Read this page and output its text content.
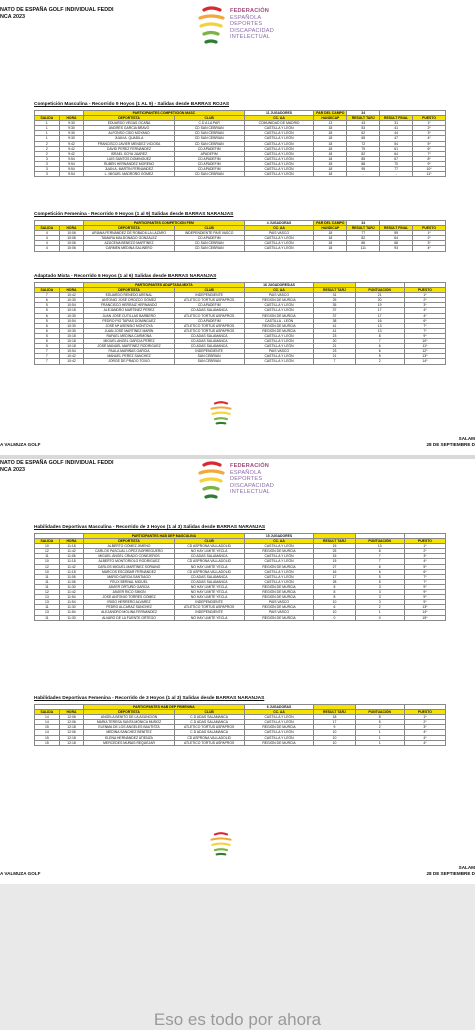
NATO DE ESPAÑA GOLF INDIVIDUAL FEDDI
NCA 2023
FEDERACIÓN
ESPAÑOLA
DEPORTES
DISCAPACIDAD
INTELECTUAL
Competición Masculina - Recorrido 9 Hoyos (1 AL 9) - Salidas desde BARRAS ROJAS
		PARTICIPANTES COMPETICIÓN MASC		11 JUGADORES	PAR DEL CAMPO	34		
SALIDA	HORA	DEPORTISTA	CLUB	CC. AA	HANDICAP	RESULT TARJ	RESULT FINAL	PUESTO
1	9:30	EDUARDO VEGAS OCAÑA	C.D A LA PAR	COMUNIDAD DE MADRID	13	43	31	1º
1	9:30	ANDRÉS GARCIA BRAVO	CD SAN CEBRIAN	CASTILLA Y LEÓN	18	53	41	2º
1	9:30	ALFONSO CIDO MOYANO	CD SAN CEBRIAN	CASTILLA Y LEÓN	18	62	44	3º
1	9:30	JUAN A. QUADILA	CD SAN CEBRIAN	CASTILLA Y LEÓN	18	65	47	4º
2	9:42	FRANCISCO JAVIER MENDEZ VICIOSA	CD SAN CEBRIAN	CASTILLA Y LEÓN	18	72	54	5º
2	9:42	DAVID PEREZ FERNANDEZ	CD APADEFIM	CASTILLA Y LEÓN	18	79	61	6º
2	9:42	ISRAEL GOYA JUAREZ	APADEFIM	CASTILLA Y LEÓN	18	82	64	7º
3	9:54	LUIS SANTOS DOMINGUEZ	CD APADEFIM	CASTILLA Y LEÓN	18	85	67	8º
3	9:54	RUBÉN HERNÁNDEZ MORENO	CD APADEFIM	CASTILLA Y LEÓN	18	88	70	9º
3	9:54	JUAN A. MARTÍN FERNANDEZ	CD APADEFIM	CASTILLA Y LEÓN	18	95	77	10º
3	9:54	L. MIGUEL MADROÑO GÓMEZ	CD SAN CEBRIAN	CASTILLA Y LEÓN	18	-	-	11º
Competición Femenina - Recorrido 9 Hoyos (1 al 9) Salidas desde BARRAS NARANJAS
		PARTICIPANTES COMPETICIÓN FEM		4 JUGADORAS	PAR DEL CAMPO	34		
SALIDA	HORA	DEPORTISTA	CLUB	CC. AA	HANDICAP	RESULT TARJ	RESULT FINAL	PUESTO
4	10:06	ARIANA FERNÁNDEZ DE ROBADILLA LAZARO	INDEPENDIENTE PAIS VASCO	PAIS VASCO	18	77	59	1º
4	10:06	TAMARA MALDONADO GONZÁLEZ	CD APADEFIM	CASTILLA Y LEÓN	18	82	64	2º
4	10:06	AZUCENA BENEZO MARTINEZ	CD SAN CEBRIAN	CASTILLA Y LEÓN	18	86	68	3º
4	10:06	CARMEN MEDINA SALINERO	CD SAN CEBRIAN	CASTILLA Y LEÓN	18	111	93	4º
Adaptado Mixta - Recorrido 6 Hoyos (1 al 6) Salidas desde BARRAS NARANJAS
		PARTICIPANTES ADAPTADA MIXTA		16 JUGADORES/AS			
SALIDA	HORA	DEPORTISTA	CLUB	CC. AA	RESULT TARJ	PUNTUACIÓN	PUESTO
7	10:42	EDUARDO RENEDO ARENAL	INDEPENDIENTE	PAIS VASCO	31	21	1º
6	10:30	ANTONIO JOSÉ OROZCO GÓMEZ	ATLETICO TORTUS ASPAPROS	REGIÓN DE MURCIA	25	20	2º
5	10:54	FRANCISCO HERRAIZ HERNANDO	CD APADEFIM	CASTILLA Y LEÓN	35	19	3º
5	10:18	ALEJANDRO MARTÍNEZ PÉREZ	CD ADAS SALAMANCA	CASTILLA Y LEÓN	37	17	4º
6	10:30	JUAN JOSÉ CUTILLAS BARBERO	ATLETICO TORTUS ASPAPROS	REGIÓN DE MURCIA	37	17	4º
5	10:54	PEDRO PIO TAPIAS DOMINGUEZ	CD APADEFIM	CASTILLA - LEÓN	38	16	6º
6	10:30	JOSÉ Mª ASENSIO MONTOYA	ATLETICO TORTUS ASPAPROS	REGIÓN DE MURCIA	41	13	7º
6	10:30	JUAN JOSÉ MARTÍNEZ MARÍN	ATLETICO TORTUS ASPAPROS	REGIÓN DE MURCIA	41	13	7º
5	10:18	RAFAEL MEDINA CARMONA	CD ADAS SALAMANCA	CASTILLA Y LEÓN	23	8	9º
5	10:18	MIGUEL ANGEL GARCIA PÉREZ	CD ADAS SALAMANCA	CASTILLA Y LEÓN	20	7	10º
5	10:18	JOSÉ MANUEL MARTINEZ RODRIGUEZ	CD ADAS SALAMANCA	CASTILLA Y LEÓN	21	6	11º
7	10:54	PAULA MARIÑAS GARCIA	INDEPENDIENTE	PAIS VASCO	23	6	12º
7	10:42	MANUEL PEREZ SANCHEZ	SAN CEBRIAN	CASTILLA Y LEÓN	21	5	13º
7	10:42	JORGE DE PRADO TOXIO	SAN CEBRIAN	CASTILLA Y LEÓN	7	2	14º
A VALMUZA GOLF
SALAM
28 DE SEPTIEMBRE D
NATO DE ESPAÑA GOLF INDIVIDUAL FEDDI
NCA 2023
FEDERACIÓN
ESPAÑOLA
DEPORTES
DISCAPACIDAD
INTELECTUAL
Habilidades Deportivas Masculina - Recorrido de 3 Hoyos (1 al 3) Salidas desde BARRAS NARANJAS
		PARTICIPANTES HAB DEP MASCULINA		15 JUGADORES			
SALIDA	HORA	DEPORTISTA	CLUB	CC. AA	RESULT TARJ	PUNTUACIÓN	PUESTO
10	11:18	ALBERTO GÓMEZ JIMENO	CD ASPRONA VALLADOLID	CASTILLA Y LEÓN	15	13	1º
12	11:42	CARLOS PASCUAL LÓPEZ BORREGUERO	NO HAY LIMITE YECLA	REGIÓN DE MURCIA	25	8	2º
11	11:06	MIGUEL ÁNGEL CRIADO CONEJEROS	CD ADAS SALAMANCA	CASTILLA Y LEÓN	15	7	3º
10	11:18	ALBERTO MONTORIOLO RODRIGUEZ	CD ASPRONA VALLADOLID	CASTILLA Y LEÓN	15	7	4º
12	11:42	CARLOS MIGUEL MARTÍNEZ SORIANO	NO HAY LIMITE YECLA	REGIÓN DE MURCIA	27	6	5º
10	11:18	MARCOS ESCOBAR FERNANDEZ	CD ASPRONA VALLADOLID	CASTILLA Y LEÓN	16	6	6º
11	11:06	MARIO GARCIA SANTIAGO	CD ADAS SALAMANCA	CASTILLA Y LEÓN	17	5	7º
11	11:06	FELIX BERNAL MIGUEL	CD ADAS SALAMANCA	CASTILLA Y LEÓN	28	5	7º
11	11:30	JAVIER ORTUÑO GARCIA	NO HAY LIMITE YECLA	REGIÓN DE MURCIA	8	3	9º
12	11:42	JAVIER RICO SIMON	NO HAY LIMITE YECLA	REGIÓN DE MURCIA	8	3	9º
13	11:54	JOSE ANTONIO TORRES GÓMEZ	NO HAY LIMITE YECLA	REGIÓN DE MURCIA	8	3	9º
13	11:54	IÑIGO HERRERO ALVAREZ	INDEPENDIENTE	PAIS VASCO	10	3	9º
11	11:30	PEDRO ALCARAZ SÁNCHEZ	ATLETICO TORTUS ASPAPROS	REGIÓN DE MURCIA	6	2	13º
13	11:54	ALEJANDRO MOLINA FERNÁNDEZ	INDEPENDIENTE	PAIS VASCO	10	1	14º
11	11:30	ALVARO DE LA FUENTE ORTEGO	NO HAY LIMITE YECLA	REGIÓN DE MURCIA	0	0	15º
Habilidades Deportivas Femenina - Recorrido de 3 Hoyos (1 al 3) Salidas desde BARRAS NARANJAS
		PARTICIPANTES HAB DEP FEMENINA		6 JUGADORAS			
SALIDA	HORA	DEPORTISTA	CLUB	CC. AA	RESULT TARJ	PUNTUACIÓN	PUESTO
14	12:06	ANGELA BENITO DE LA ASUNCIÓN	C.D ADAS SALAMANCA	CASTILLA Y LEÓN	18	8	1º
14	12:06	MARIA TERESA SANTA MÓNICA MUÑOZ	C.D ADAS SALAMANCA	CASTILLA Y LEÓN	17	5	2º
15	12:18	ELENMA DE LOS ÁNGELES BAUTISTA	ATLETICO TORTUS ASPAPROS	REGIÓN DE MURCIA	9	2	3º
14	12:06	MEDINA SÁNCHEZ BENÍTEZ	C.D ADAS SALAMANCA	CASTILLA Y LEÓN	10	1	4º
15	12:18	ELENA HERNÁNDEZ ATIENZA	CD ASPRONA VALLADOLID	CASTILLA Y LEÓN	10	1	4º
15	12:18	MERCEDES MUÑAS REQUEJAR	ATLETICO TORTUS ASPAPROS	REGIÓN DE MURCIA	10	1	4º
A VALMUZA GOLF
SALAM
28 DE SEPTIEMBRE D
Eso es todo por ahora
